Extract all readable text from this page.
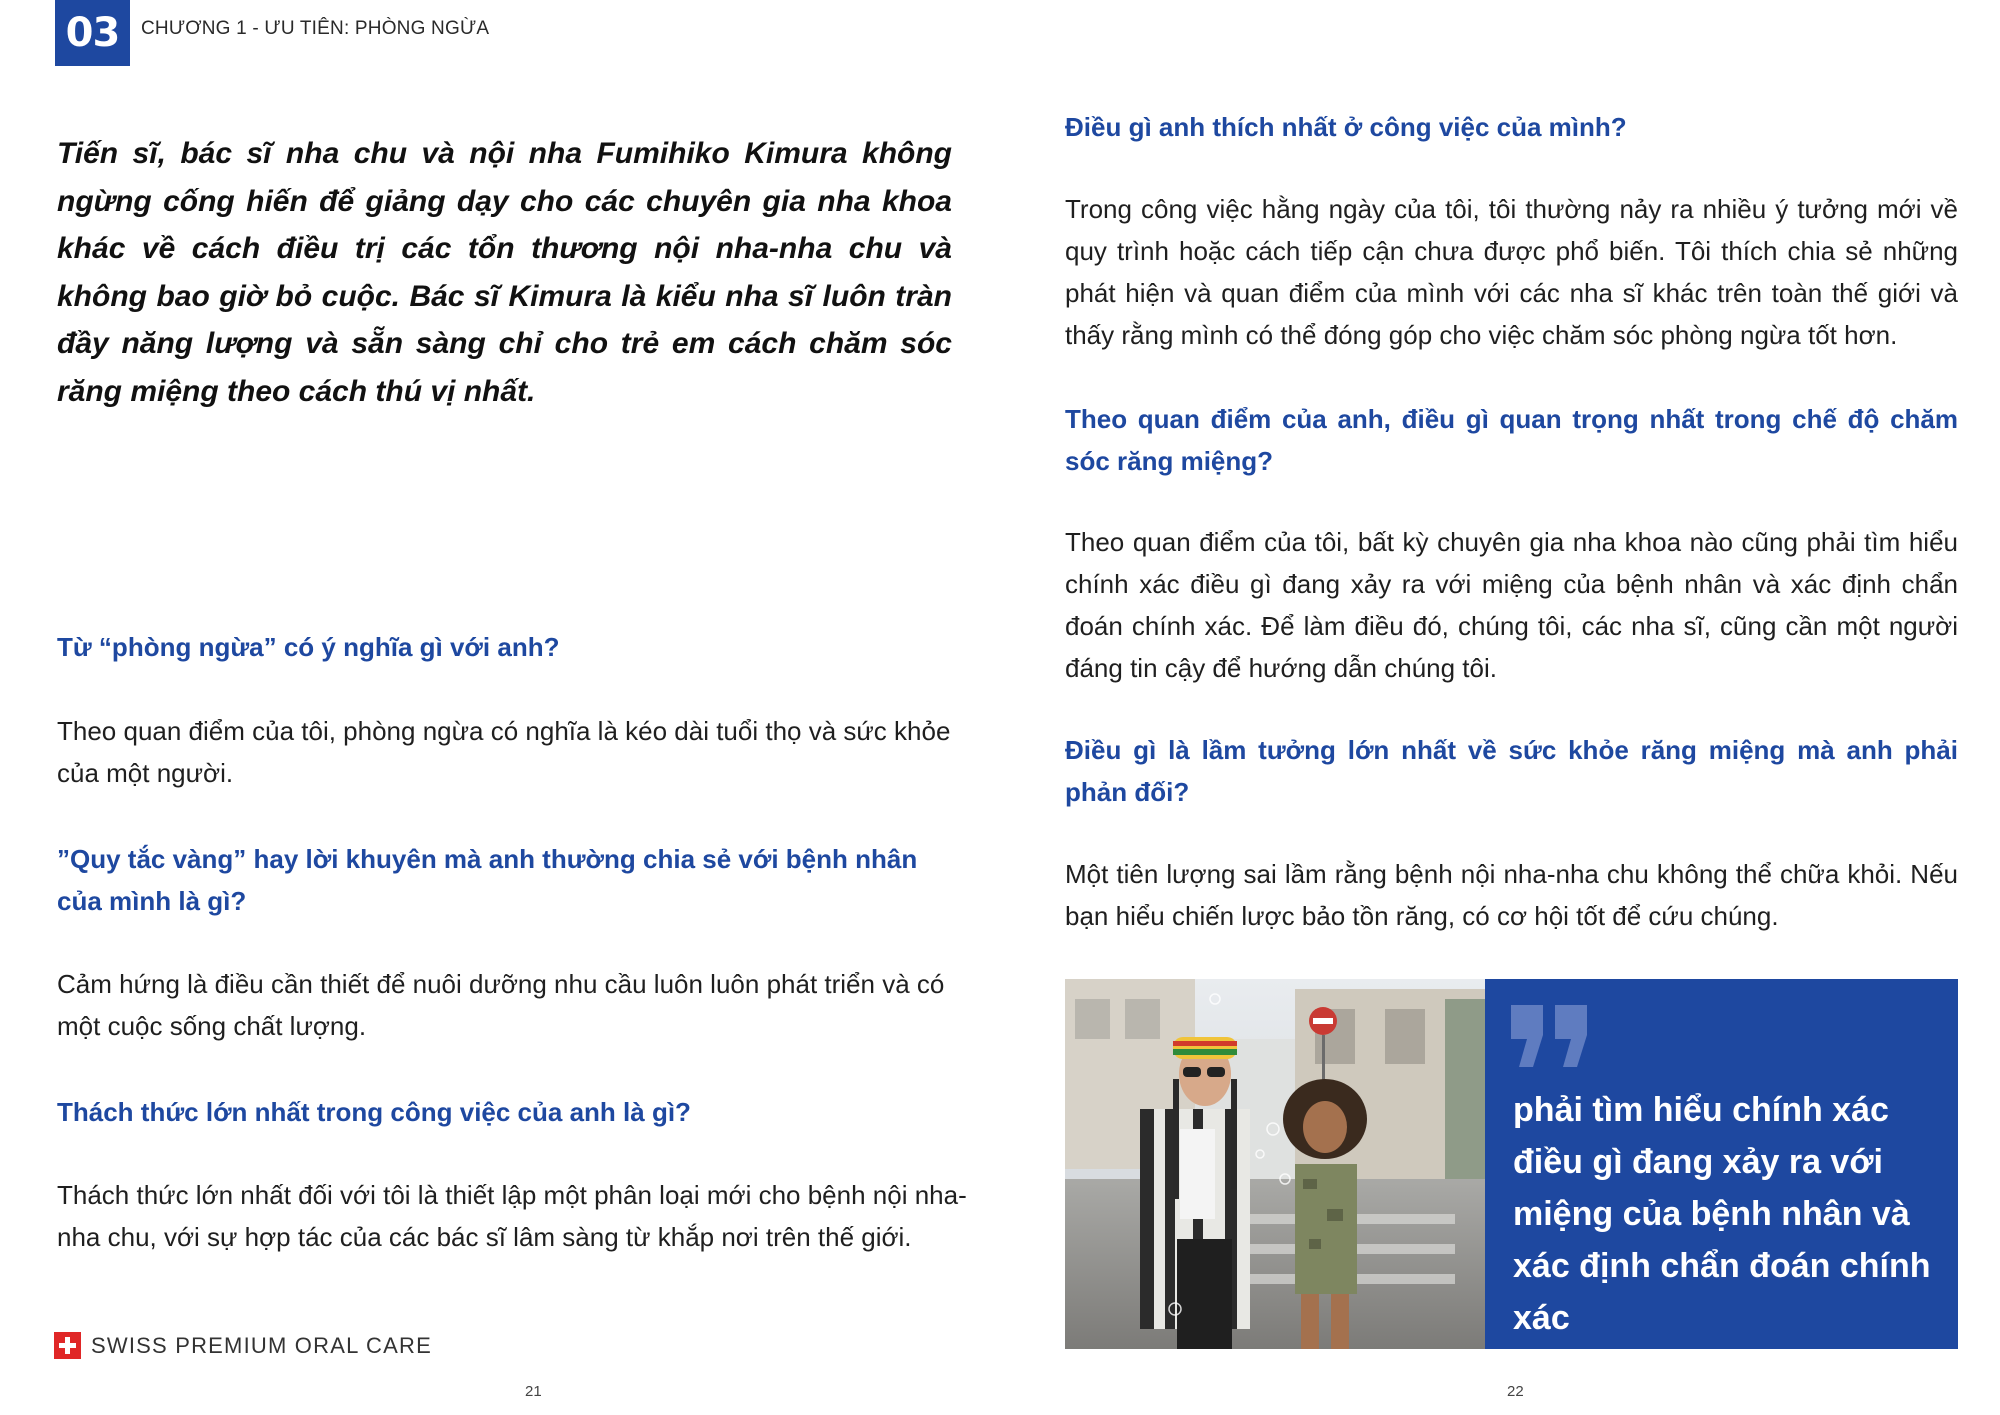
03	CHƯƠNG 1 - ƯU TIÊN: PHÒNG NGỪA

Tiến sĩ, bác sĩ nha chu và nội nha Fumihiko Kimura không ngừng cống hiến để giảng dạy cho các chuyên gia nha khoa khác về cách điều trị các tổn thương nội nha-nha chu và không bao giờ bỏ cuộc. Bác sĩ Kimura là kiểu nha sĩ luôn tràn đầy năng lượng và sẵn sàng chỉ cho trẻ em cách chăm sóc răng miệng theo cách thú vị nhất.

Từ “phòng ngừa” có ý nghĩa gì với anh?

Theo quan điểm của tôi, phòng ngừa có nghĩa là kéo dài tuổi thọ và sức khỏe của một người.

”Quy tắc vàng” hay lời khuyên mà anh thường chia sẻ với bệnh nhân của mình là gì?

Cảm hứng là điều cần thiết để nuôi dưỡng nhu cầu luôn luôn phát triển và có một cuộc sống chất lượng.

Thách thức lớn nhất trong công việc của anh là gì?

Thách thức lớn nhất đối với tôi là thiết lập một phân loại mới cho bệnh nội nha-nha chu, với sự hợp tác của các bác sĩ lâm sàng từ khắp nơi trên thế giới.

Điều gì anh thích nhất ở công việc của mình?

Trong công việc hằng ngày của tôi, tôi thường nảy ra nhiều ý tưởng mới về quy trình hoặc cách tiếp cận chưa được phổ biến. Tôi thích chia sẻ những phát hiện và quan điểm của mình với các nha sĩ khác trên toàn thế giới và thấy rằng mình có thể đóng góp cho việc chăm sóc phòng ngừa tốt hơn.

Theo quan điểm của anh, điều gì quan trọng nhất trong chế độ chăm sóc răng miệng?

Theo quan điểm của tôi, bất kỳ chuyên gia nha khoa nào cũng phải tìm hiểu chính xác điều gì đang xảy ra với miệng của bệnh nhân và xác định chẩn đoán chính xác. Để làm điều đó, chúng tôi, các nha sĩ, cũng cần một người đáng tin cậy để hướng dẫn chúng tôi.

Điều gì là lầm tưởng lớn nhất về sức khỏe răng miệng mà anh phải phản đối?

Một tiên lượng sai lầm rằng bệnh nội nha-nha chu không thể chữa khỏi. Nếu bạn hiểu chiến lược bảo tồn răng, có cơ hội tốt để cứu chúng.

phải tìm hiểu chính xác điều gì đang xảy ra với miệng của bệnh nhân và xác định chẩn đoán chính xác

SWISS PREMIUM ORAL CARE
21	22
